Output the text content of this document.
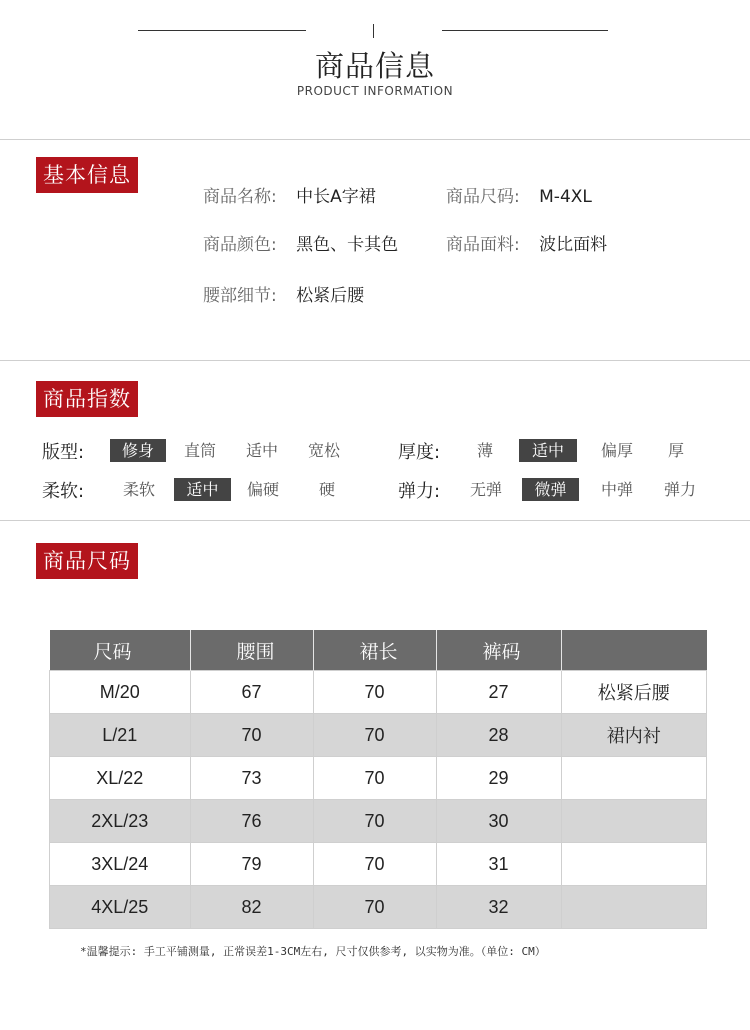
商品信息
PRODUCT INFORMATION
基本信息
商品名称: 中长A字裙	商品尺码: M-4XL
商品颜色: 黑色、卡其色	商品面料: 波比面料
腰部细节: 松紧后腰
商品指数
版型:	修身	直筒	适中	宽松	厚度:	薄	适中	偏厚	厚
柔软:	柔软	适中	偏硬	硬	弹力:	无弹	微弹	中弹	弹力
商品尺码
尺码	腰围	裙长	裤码	
M/20	67	70	27	松紧后腰
L/21	70	70	28	裙内衬
XL/22	73	70	29	
2XL/23	76	70	30	
3XL/24	79	70	31	
4XL/25	82	70	32	
*温馨提示: 手工平铺测量, 正常误差1-3CM左右, 尺寸仅供参考, 以实物为准。（单位: CM）
